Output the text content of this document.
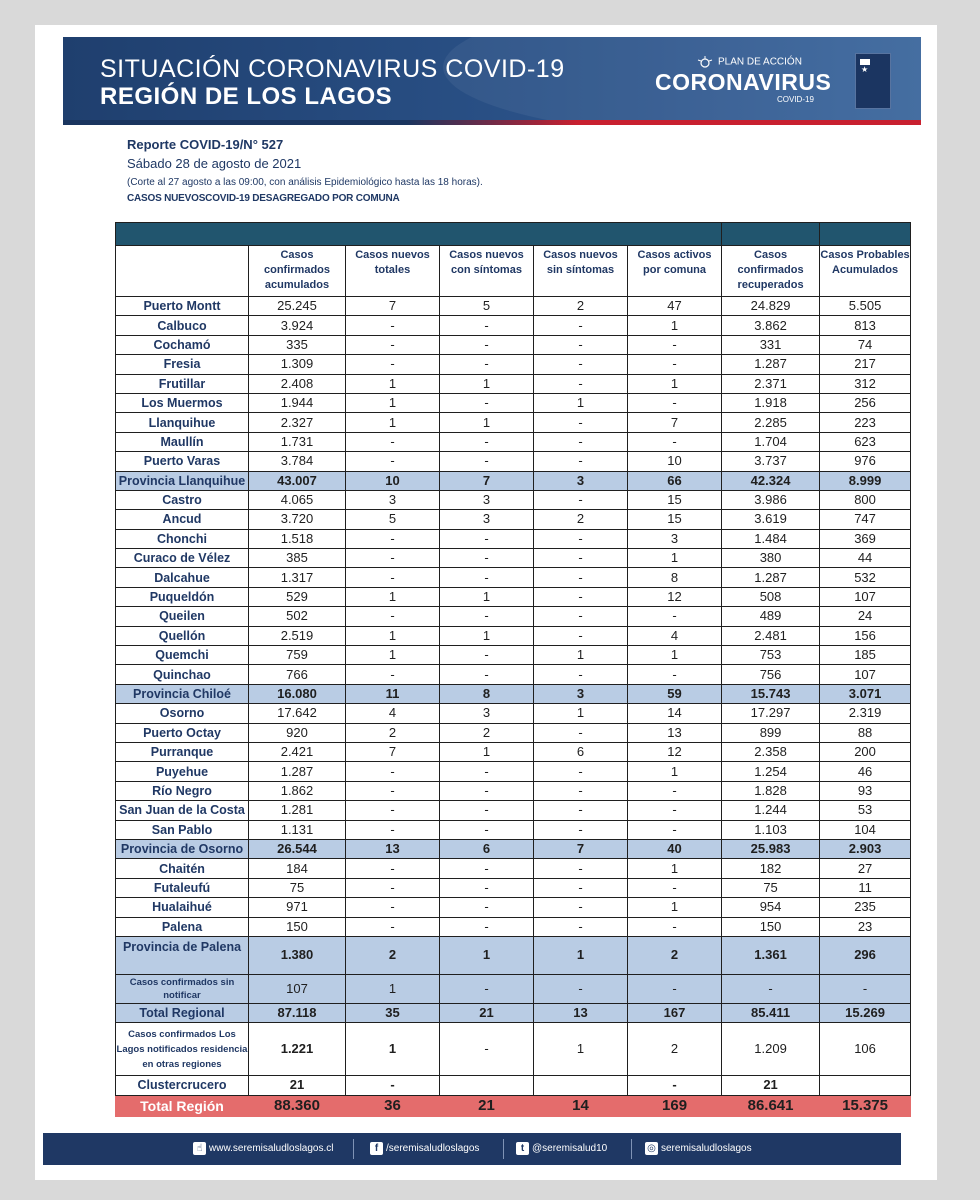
SITUACIÓN CORONAVIRUS COVID-19
REGIÓN DE LOS LAGOS
PLAN DE ACCIÓN
CORONAVIRUS
COVID-19
★
Reporte COVID-19/N° 527
Sábado 28 de agosto de 2021
(Corte al 27 agosto a las 09:00, con análisis Epidemiológico hasta las 18 horas).
CASOS NUEVOSCOVID-19 DESAGREGADO POR COMUNA

	Casos confirmados acumulados	Casos nuevos totales	Casos nuevos con síntomas	Casos nuevos sin síntomas	Casos activos por comuna	Casos confirmados recuperados	Casos Probables Acumulados
Puerto Montt	25.245	7	5	2	47	24.829	5.505
Calbuco	3.924	-	-	-	1	3.862	813
Cochamó	335	-	-	-	-	331	74
Fresia	1.309	-	-	-	-	1.287	217
Frutillar	2.408	1	1	-	1	2.371	312
Los Muermos	1.944	1	-	1	-	1.918	256
Llanquihue	2.327	1	1	-	7	2.285	223
Maullín	1.731	-	-	-	-	1.704	623
Puerto Varas	3.784	-	-	-	10	3.737	976
Provincia Llanquihue	43.007	10	7	3	66	42.324	8.999
Castro	4.065	3	3	-	15	3.986	800
Ancud	3.720	5	3	2	15	3.619	747
Chonchi	1.518	-	-	-	3	1.484	369
Curaco de Vélez	385	-	-	-	1	380	44
Dalcahue	1.317	-	-	-	8	1.287	532
Puqueldón	529	1	1	-	12	508	107
Queilen	502	-	-	-	-	489	24
Quellón	2.519	1	1	-	4	2.481	156
Quemchi	759	1	-	1	1	753	185
Quinchao	766	-	-	-	-	756	107
Provincia Chiloé	16.080	11	8	3	59	15.743	3.071
Osorno	17.642	4	3	1	14	17.297	2.319
Puerto Octay	920	2	2	-	13	899	88
Purranque	2.421	7	1	6	12	2.358	200
Puyehue	1.287	-	-	-	1	1.254	46
Río Negro	1.862	-	-	-	-	1.828	93
San Juan de la Costa	1.281	-	-	-	-	1.244	53
San Pablo	1.131	-	-	-	-	1.103	104
Provincia de Osorno	26.544	13	6	7	40	25.983	2.903
Chaitén	184	-	-	-	1	182	27
Futaleufú	75	-	-	-	-	75	11
Hualaihué	971	-	-	-	1	954	235
Palena	150	-	-	-	-	150	23
Provincia de Palena	1.380	2	1	1	2	1.361	296
Casos confirmados sin notificar	107	1	-	-	-	-	-
Total Regional	87.118	35	21	13	167	85.411	15.269
Casos confirmados Los Lagos notificados residencia en otras regiones	1.221	1	-	1	2	1.209	106
Clustercrucero	21	-			-	21	
Total Región	88.360	36	21	14	169	86.641	15.375
☝ www.seremisaludloslagos.cl	f /seremisaludloslagos	t @seremisalud10	◎ seremisaludloslagos
